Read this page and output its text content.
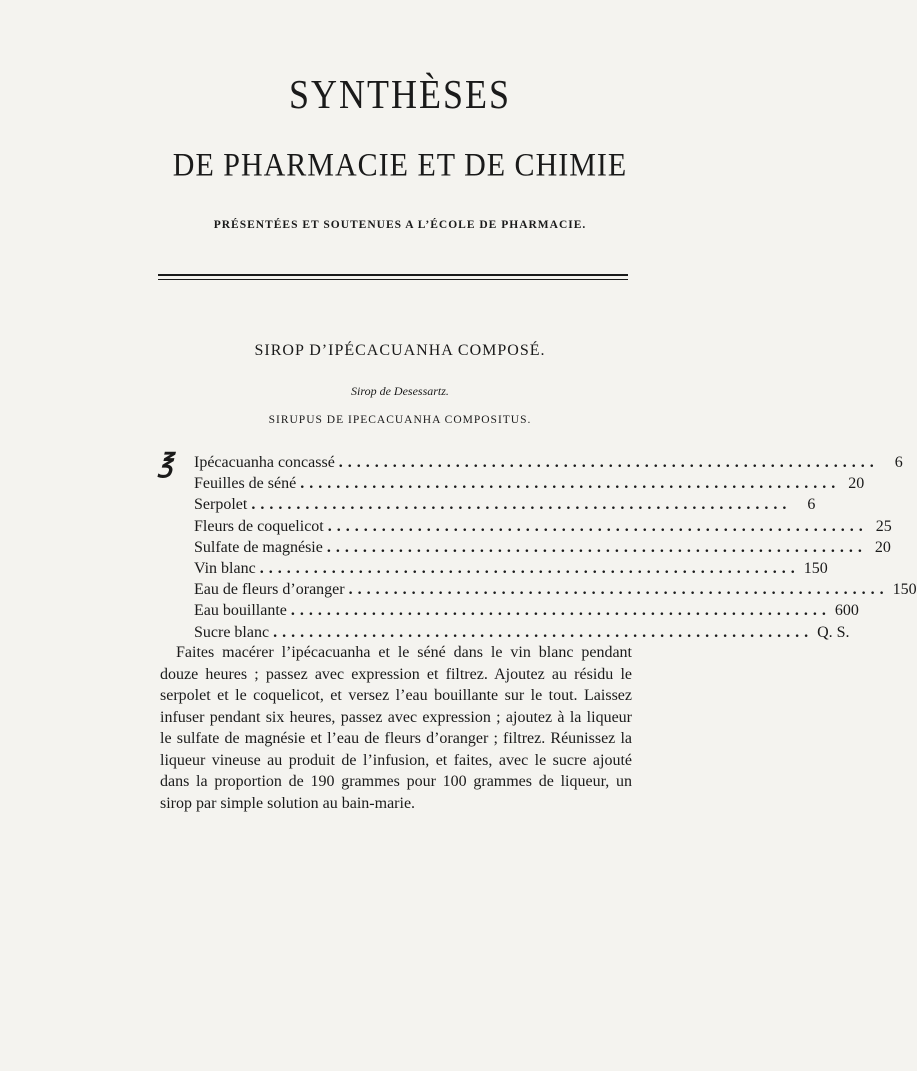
SYNTHÈSES
DE PHARMACIE ET DE CHIMIE
PRÉSENTÉES ET SOUTENUES A L’ÉCOLE DE PHARMACIE.
SIROP D’IPÉCACUANHA COMPOSÉ.
Sirop de Desessartz.
SIRUPUS DE IPECACUANHA COMPOSITUS.
℥ Ipécacuanha concassé ............................................................	6
Feuilles de séné ............................................................ 20
Serpolet ............................................................	6
Fleurs de coquelicot ............................................................ 25
Sulfate de magnésie ............................................................ 20
Vin blanc ............................................................ 150
Eau de fleurs d’oranger ............................................................ 150
Eau bouillante ............................................................ 600
Sucre blanc ............................................................ Q. S.
Faites macérer l’ipécacuanha et le séné dans le vin blanc pendant douze heures ; passez avec expression et filtrez. Ajoutez au résidu le serpolet et le coquelicot, et versez l’eau bouillante sur le tout. Laissez infuser pendant six heures, passez avec expression ; ajoutez à la liqueur le sulfate de magnésie et l’eau de fleurs d’oranger ; filtrez. Réunissez la liqueur vineuse au produit de l’infusion, et faites, avec le sucre ajouté dans la proportion de 190 grammes pour 100 grammes de liqueur, un sirop par simple solution au bain-marie.
